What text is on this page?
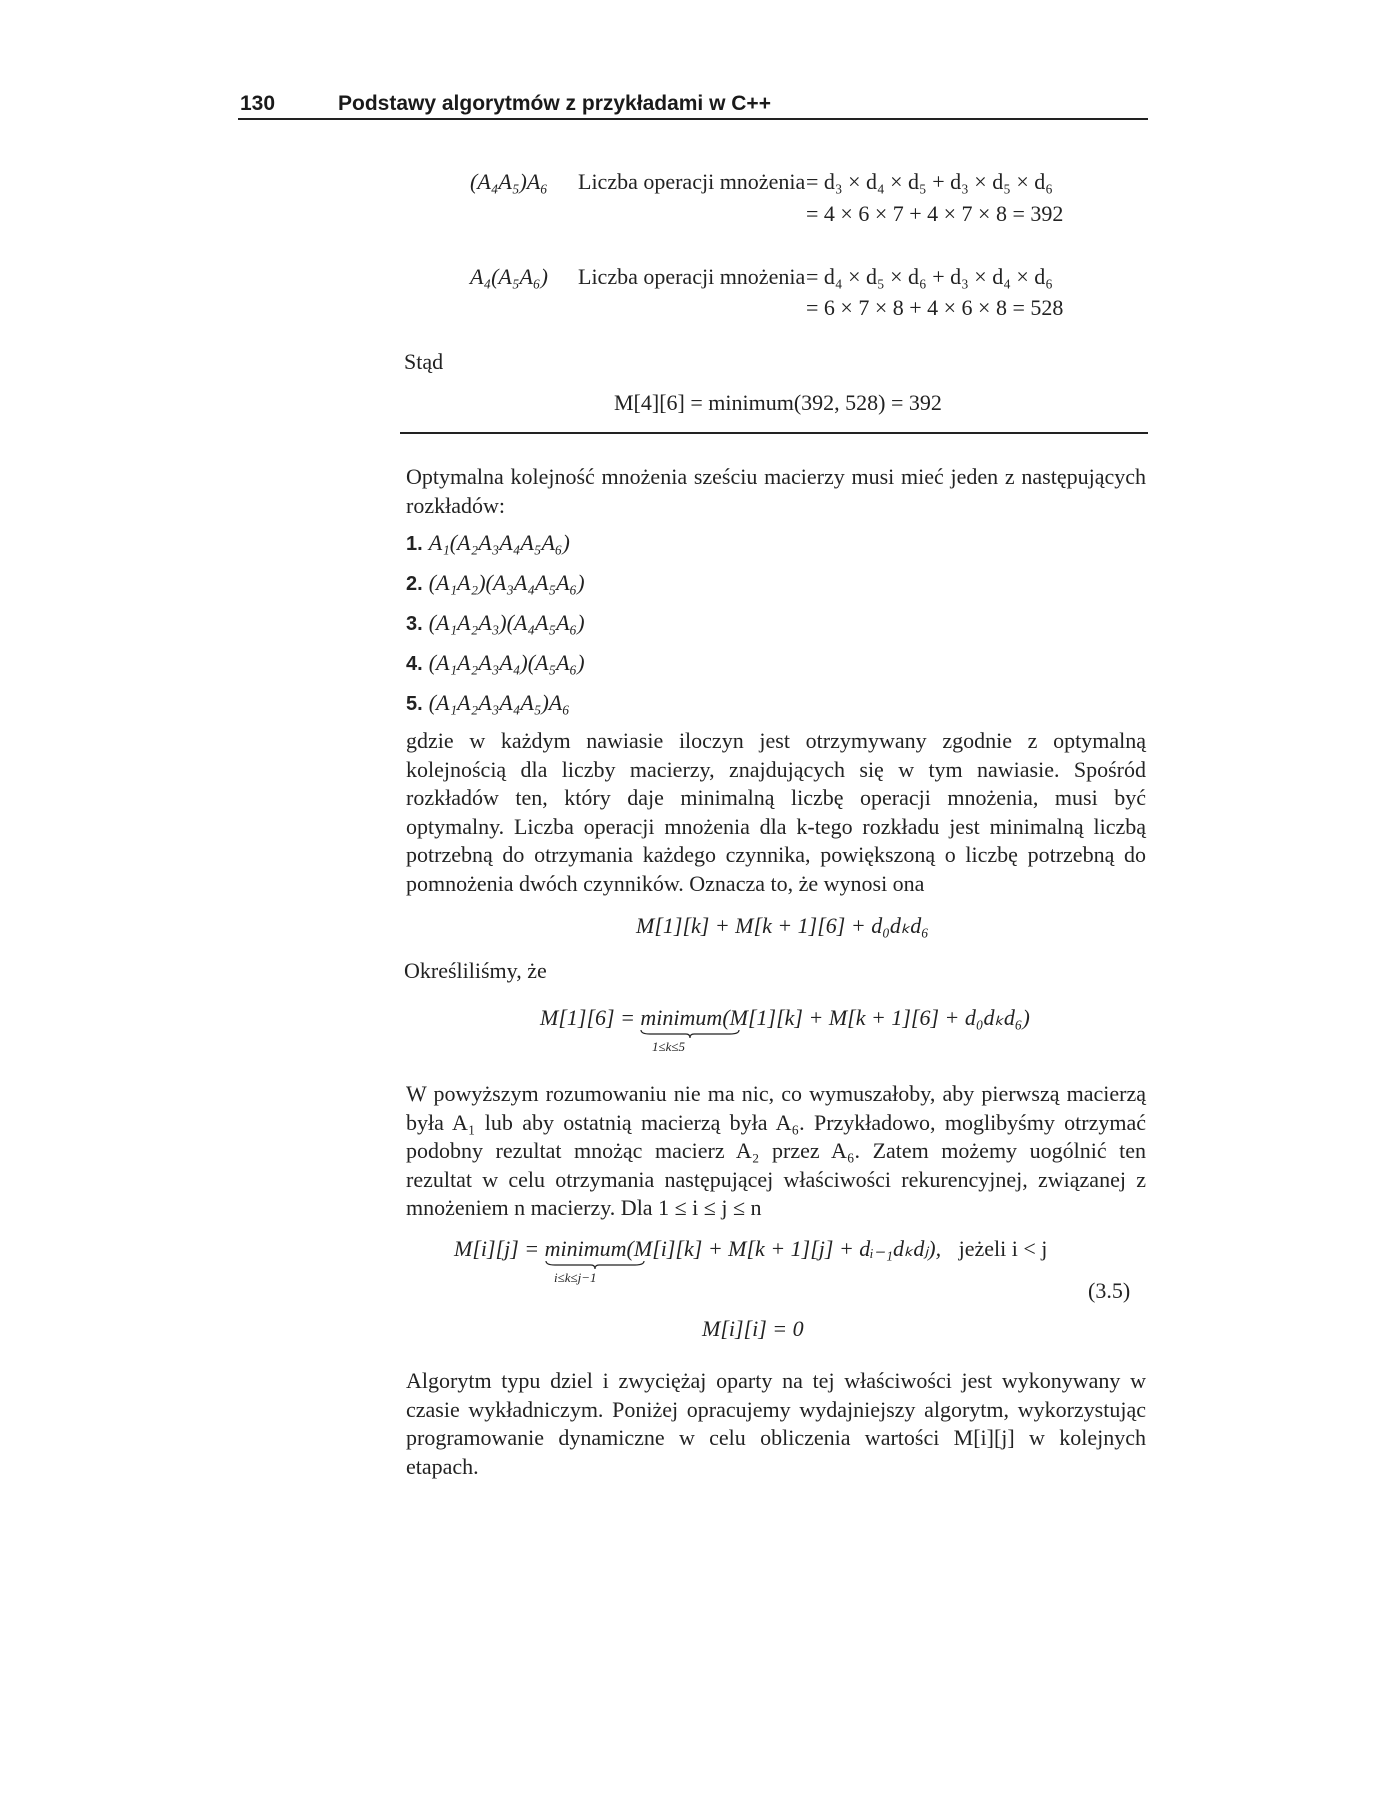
130	Podstawy algorytmów z przykładami w C++
(A₄A₅)A₆ Liczba operacji mnożenia = d₃ × d₄ × d₅ + d₃ × d₅ × d₆
= 4 × 6 × 7 + 4 × 7 × 8 = 392
A₄(A₅A₆) Liczba operacji mnożenia = d₄ × d₅ × d₆ + d₃ × d₄ × d₆
= 6 × 7 × 8 + 4 × 6 × 8 = 528
Stąd
M[4][6] = minimum(392, 528) = 392
Optymalna kolejność mnożenia sześciu macierzy musi mieć jeden z następujących rozkładów:
1. A₁(A₂A₃A₄A₅A₆)
2. (A₁A₂)(A₃A₄A₅A₆)
3. (A₁A₂A₃)(A₄A₅A₆)
4. (A₁A₂A₃A₄)(A₅A₆)
5. (A₁A₂A₃A₄A₅)A₆
gdzie w każdym nawiasie iloczyn jest otrzymywany zgodnie z optymalną kolejnością dla liczby macierzy, znajdujących się w tym nawiasie. Spośród rozkładów ten, który daje minimalną liczbę operacji mnożenia, musi być optymalny. Liczba operacji mnożenia dla k-tego rozkładu jest minimalną liczbą potrzebną do otrzymania każdego czynnika, powiększoną o liczbę potrzebną do pomnożenia dwóch czynników. Oznacza to, że wynosi ona
M[1][k] + M[k + 1][6] + d₀dₖd₆
Określiliśmy, że
M[1][6] = minimum
(M[1][k] + M[k + 1][6] + d₀dₖd₆)
1≤k≤5
W powyższym rozumowaniu nie ma nic, co wymuszałoby, aby pierwszą macierzą była A₁ lub aby ostatnią macierzą była A₆. Przykładowo, moglibyśmy otrzymać podobny rezultat mnożąc macierz A₂ przez A₆. Zatem możemy uogólnić ten rezultat w celu otrzymania następującej właściwości rekurencyjnej, związanej z mnożeniem n macierzy. Dla 1 ≤ i ≤ j ≤ n
M[i][j] = minimum
(M[i][k] + M[k + 1][j] + dᵢ₋₁dₖdⱼ), jeżeli i < j
i≤k≤j−1
(3.5)
M[i][i] = 0
Algorytm typu dziel i zwyciężaj oparty na tej właściwości jest wykonywany w czasie wykładniczym. Poniżej opracujemy wydajniejszy algorytm, wykorzystując programowanie dynamiczne w celu obliczenia wartości M[i][j] w kolejnych etapach.
